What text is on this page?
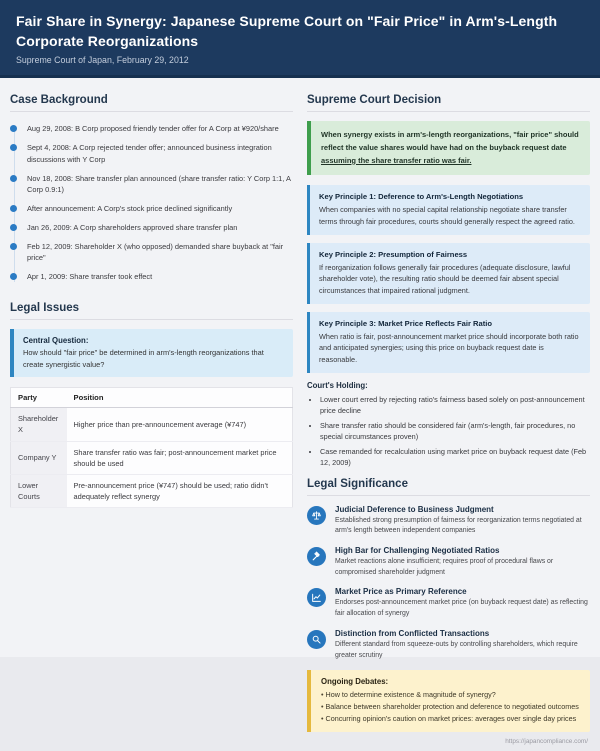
Fair Share in Synergy: Japanese Supreme Court on "Fair Price" in Arm's-Length Corporate Reorganizations
Supreme Court of Japan, February 29, 2012
Case Background
Aug 29, 2008: B Corp proposed friendly tender offer for A Corp at ¥920/share
Sept 4, 2008: A Corp rejected tender offer; announced business integration discussions with Y Corp
Nov 18, 2008: Share transfer plan announced (share transfer ratio: Y Corp 1:1, A Corp 0.9:1)
After announcement: A Corp's stock price declined significantly
Jan 26, 2009: A Corp shareholders approved share transfer plan
Feb 12, 2009: Shareholder X (who opposed) demanded share buyback at "fair price"
Apr 1, 2009: Share transfer took effect
Legal Issues
Central Question:
How should "fair price" be determined in arm's-length reorganizations that create synergistic value?
Party	Position
Shareholder X	Higher price than pre-announcement average (¥747)
Company Y	Share transfer ratio was fair; post-announcement market price should be used
Lower Courts	Pre-announcement price (¥747) should be used; ratio didn't adequately reflect synergy
Supreme Court Decision
When synergy exists in arm's-length reorganizations, "fair price" should reflect the value shares would have had on the buyback request date assuming the share transfer ratio was fair.
Key Principle 1: Deference to Arm's-Length Negotiations
When companies with no special capital relationship negotiate share transfer terms through fair procedures, courts should generally respect the agreed ratio.
Key Principle 2: Presumption of Fairness
If reorganization follows generally fair procedures (adequate disclosure, lawful shareholder vote), the resulting ratio should be deemed fair absent special circumstances that impaired rational judgment.
Key Principle 3: Market Price Reflects Fair Ratio
When ratio is fair, post-announcement market price should incorporate both ratio and anticipated synergies; using this price on buyback request date is reasonable.
Court's Holding:
• Lower court erred by rejecting ratio's fairness based solely on post-announcement price decline
• Share transfer ratio should be considered fair (arm's-length, fair procedures, no special circumstances proven)
• Case remanded for recalculation using market price on buyback request date (Feb 12, 2009)
Legal Significance
Judicial Deference to Business Judgment
Established strong presumption of fairness for reorganization terms negotiated at arm's length between independent companies
High Bar for Challenging Negotiated Ratios
Market reactions alone insufficient; requires proof of procedural flaws or compromised shareholder judgment
Market Price as Primary Reference
Endorses post-announcement market price (on buyback request date) as reflecting fair allocation of synergy
Distinction from Conflicted Transactions
Different standard from squeeze-outs by controlling shareholders, which require greater scrutiny
Ongoing Debates:
• How to determine existence & magnitude of synergy?
• Balance between shareholder protection and deference to negotiated outcomes
• Concurring opinion's caution on market prices: averages over single day prices
https://japancompliance.com/
